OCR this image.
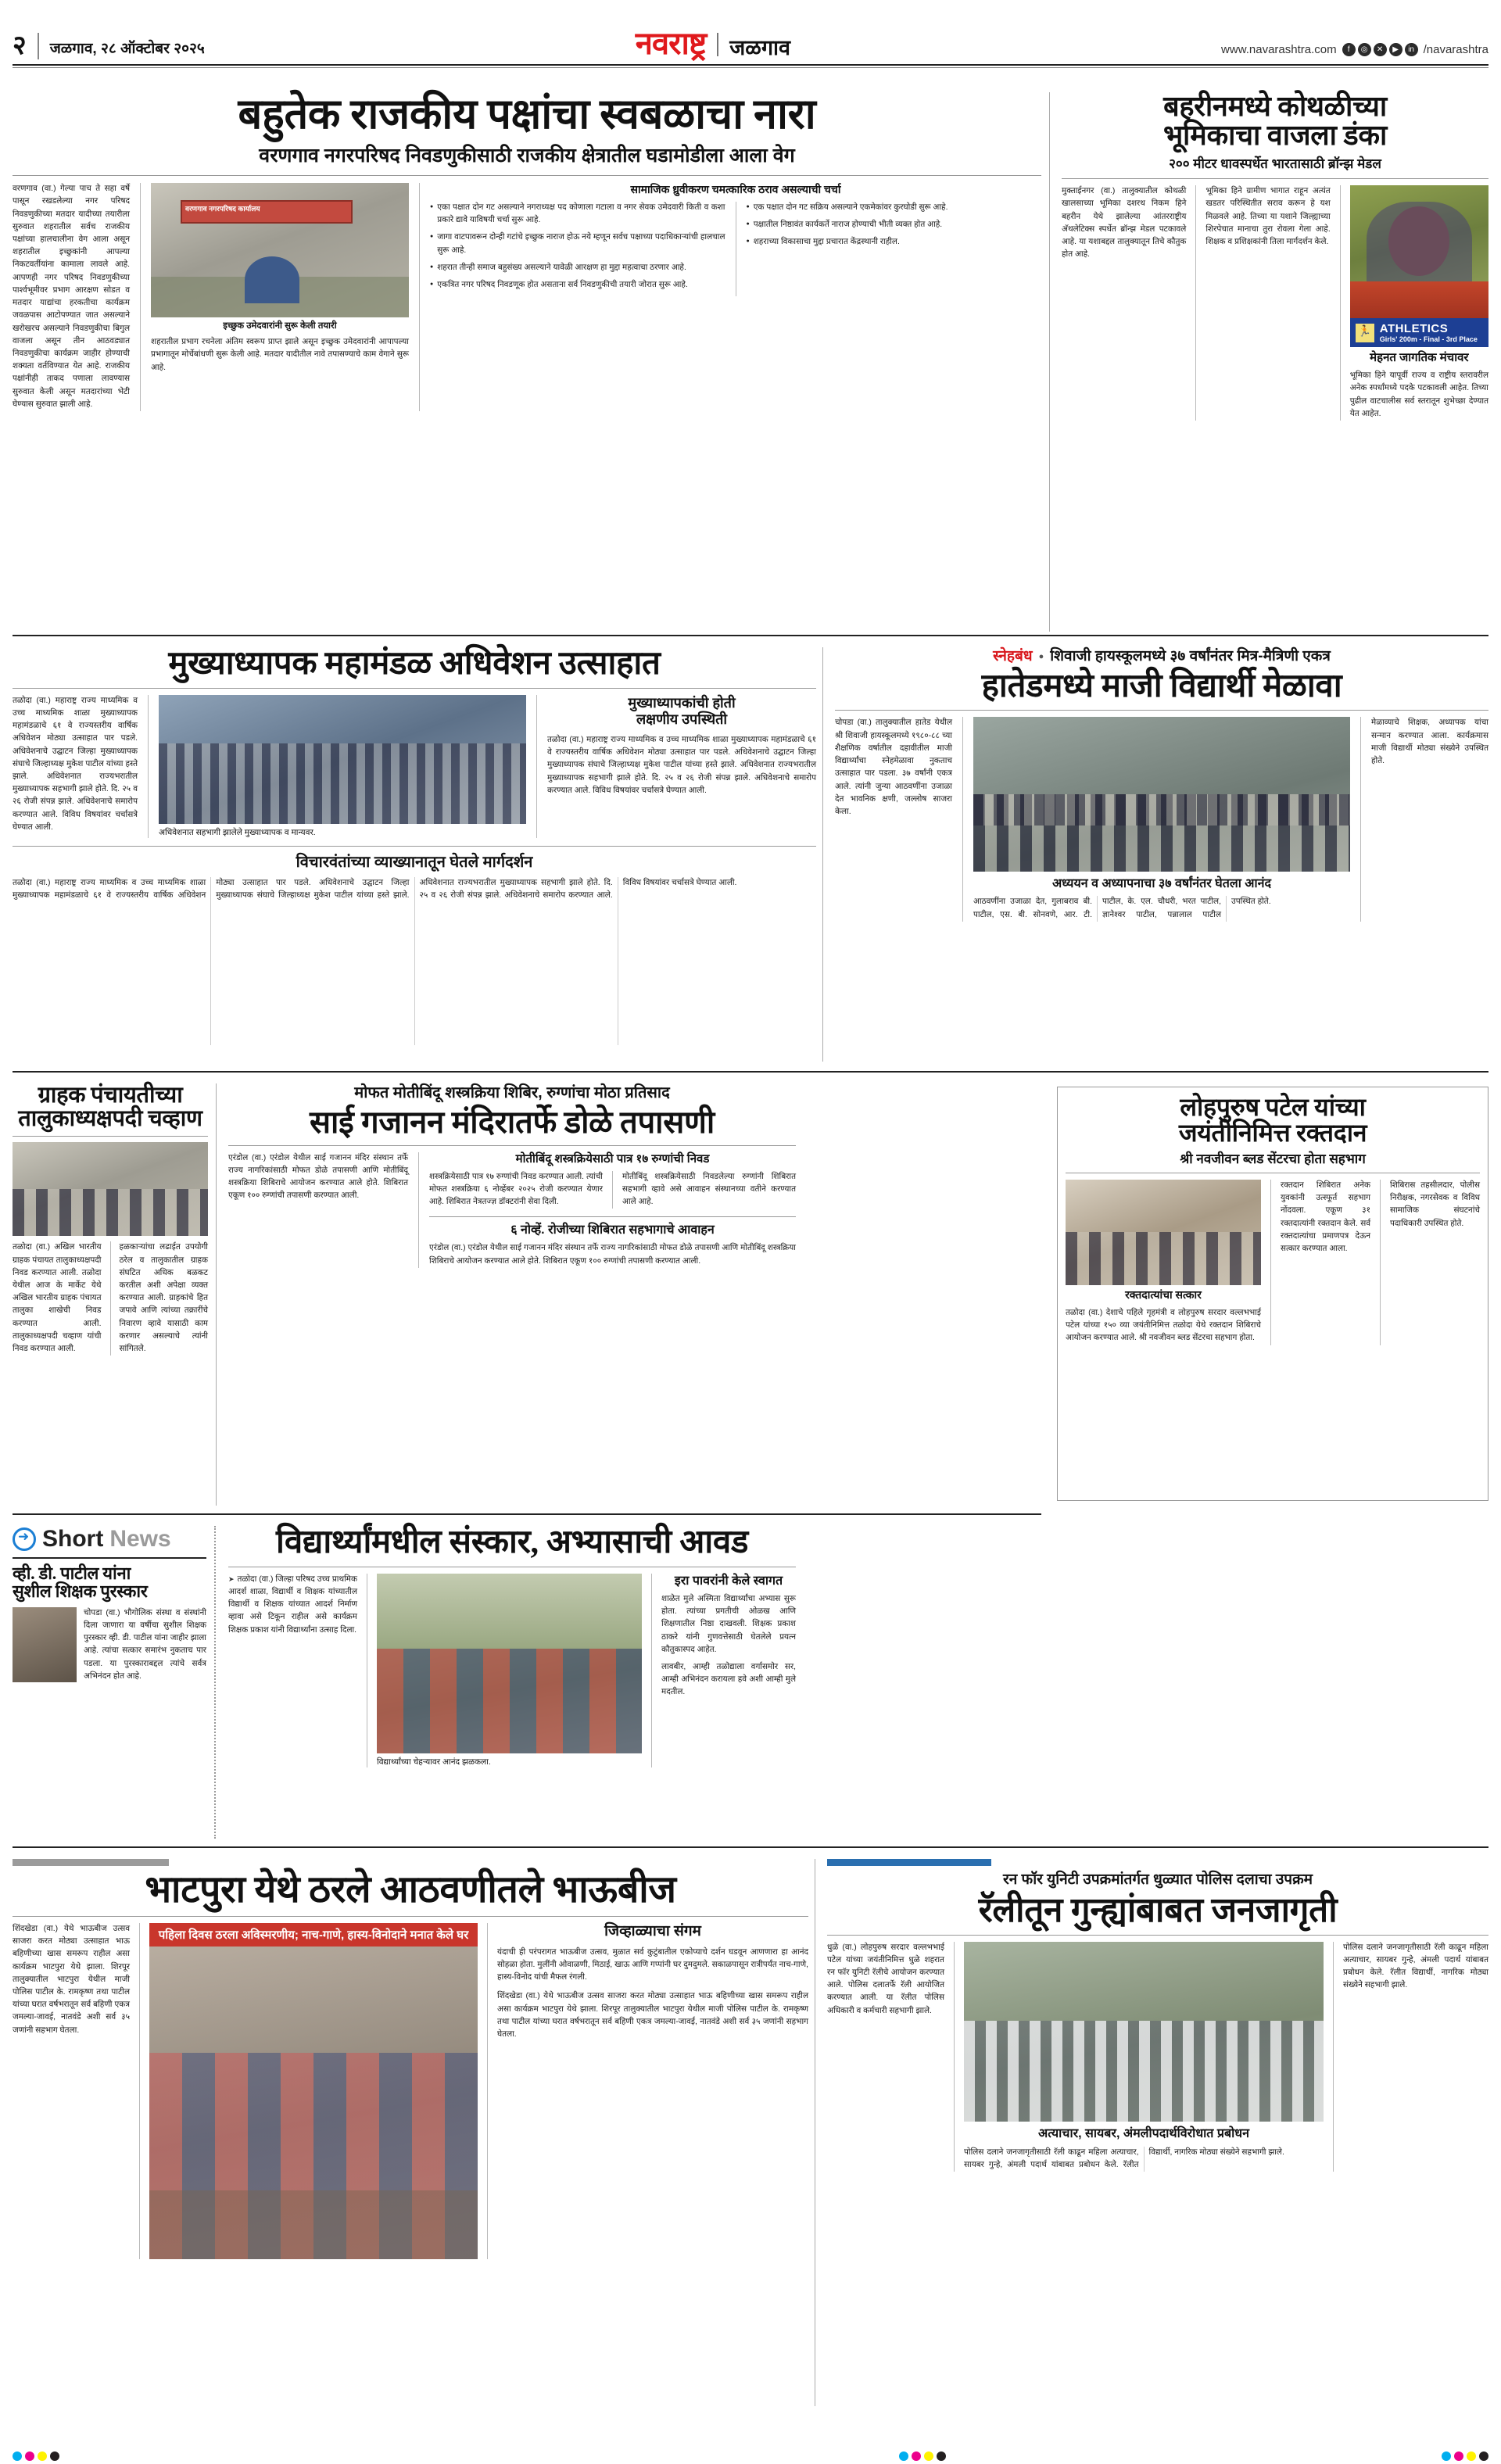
२ जळगाव, २८ ऑक्टोबर २०२५	नवराष्ट्र जळगाव	www.navarashtra.com	f	◎	✕	▶	in /navarashtra
बहुतेक राजकीय पक्षांचा स्वबळाचा नारा
वरणगाव नगरपरिषद निवडणुकीसाठी राजकीय क्षेत्रातील घडामोडीला आला वेग
वरणगाव (वा.) गेल्या पाच ते सहा वर्षे पासून रखडलेल्या नगर परिषद निवडणुकीच्या मतदार यादीच्या तयारीला सुरुवात शहरातील सर्वच राजकीय पक्षांच्या हालचालीना वेग आला असून शहरातील इच्छुकांनी आपल्या निकटवर्तीयांना कामाला लावले आहे. आपणही नगर परिषद निवडणुकीच्या पार्श्वभूमीवर प्रभाग आरक्षण सोडत व मतदार याद्यांचा हरकतीचा कार्यक्रम जवळपास आटोपण्यात जात असल्याने खरोखरच असल्याने निवडणुकीचा बिगुल वाजला असून तीन आठवड्यात निवडणुकीचा कार्यक्रम जाहीर होण्याची शक्यता वर्तविण्यात येत आहे. राजकीय पक्षांनीही ताकद पणाला लावण्यास सुरुवात केली असून मतदारांच्या भेटी घेण्यास सुरुवात झाली आहे.
वरणगाव नगरपरिषद कार्यालय
इच्छुक उमेदवारांनी सुरू केली तयारी
शहरातील प्रभाग रचनेला अंतिम स्वरूप प्राप्त झाले असून इच्छुक उमेदवारांनी आपापल्या प्रभागातून मोर्चेबांधणी सुरू केली आहे. मतदार यादीतील नावे तपासण्याचे काम वेगाने सुरू आहे.
सामाजिक ध्रुवीकरण चमत्कारिक ठराव असल्याची चर्चा
● एका पक्षात दोन गट असल्याने नगराध्यक्ष पद कोणाला गटाला व नगर सेवक उमेदवारी किती व कशा प्रकारे द्यावे याविषयी चर्चा सुरू आहे.
● जागा वाटपावरून दोन्ही गटांचे इच्छुक नाराज होऊ नये म्हणून सर्वच पक्षाच्या पदाधिकाऱ्यांची हालचाल सुरू आहे.
● शहरात तीन्ही समाज बहुसंख्य असल्याने यावेळी आरक्षण हा मुद्दा महत्वाचा ठरणार आहे.
● एकत्रित नगर परिषद निवडणूक होत असताना सर्व निवडणुकीची तयारी जोरात सुरू आहे.
● एक पक्षात दोन गट सक्रिय असल्याने एकमेकांवर कुरघोडी सुरू आहे.
● पक्षातील निष्ठावंत कार्यकर्ते नाराज होण्याची भीती व्यक्त होत आहे.
● शहराच्या विकासाचा मुद्दा प्रचारात केंद्रस्थानी राहील.
बहरीनमध्ये कोथळीच्या
भूमिकाचा वाजला डंका
२०० मीटर धावस्पर्धेत भारतासाठी ब्रॉन्झ मेडल
मुक्ताईनगर (वा.) तालुक्यातील कोथळी खालसाच्या भूमिका दशरथ निकम हिने बहरीन येथे झालेल्या आंतरराष्ट्रीय अ‍ॅथलेटिक्स स्पर्धेत ब्रॉन्झ मेडल पटकावले आहे. या यशाबद्दल तालुक्यातून तिचे कौतुक होत आहे.
भूमिका हिने ग्रामीण भागात राहून अत्यंत खडतर परिस्थितीत सराव करून हे यश मिळवले आहे. तिच्या या यशाने जिल्ह्याच्या शिरपेचात मानाचा तुरा रोवला गेला आहे. शिक्षक व प्रशिक्षकांनी तिला मार्गदर्शन केले.
🏃
ATHLETICS
Girls' 200m - Final - 3rd Place
मेहनत जागतिक मंचावर
भूमिका हिने यापूर्वी राज्य व राष्ट्रीय स्तरावरील अनेक स्पर्धांमध्ये पदके पटकावली आहेत. तिच्या पुढील वाटचालीस सर्व स्तरातून शुभेच्छा देण्यात येत आहेत.
मुख्याध्यापक महामंडळ अधिवेशन उत्साहात
तळोदा (वा.) महाराष्ट्र राज्य माध्यमिक व उच्च माध्यमिक शाळा मुख्याध्यापक महामंडळाचे ६१ वे राज्यस्तरीय वार्षिक अधिवेशन मोठ्या उत्साहात पार पडले. अधिवेशनाचे उद्घाटन जिल्हा मुख्याध्यापक संघाचे जिल्हाध्यक्ष मुकेश पाटील यांच्या हस्ते झाले. अधिवेशनात राज्यभरातील मुख्याध्यापक सहभागी झाले होते. दि. २५ व २६ रोजी संपन्न झाले. अधिवेशनाचे समारोप करण्यात आले. विविध विषयांवर चर्चासत्रे घेण्यात आली.
अधिवेशनात सहभागी झालेले मुख्याध्यापक व मान्यवर.
मुख्याध्यापकांची होती
लक्षणीय उपस्थिती
तळोदा (वा.) महाराष्ट्र राज्य माध्यमिक व उच्च माध्यमिक शाळा मुख्याध्यापक महामंडळाचे ६१ वे राज्यस्तरीय वार्षिक अधिवेशन मोठ्या उत्साहात पार पडले. अधिवेशनाचे उद्घाटन जिल्हा मुख्याध्यापक संघाचे जिल्हाध्यक्ष मुकेश पाटील यांच्या हस्ते झाले. अधिवेशनात राज्यभरातील मुख्याध्यापक सहभागी झाले होते. दि. २५ व २६ रोजी संपन्न झाले. अधिवेशनाचे समारोप करण्यात आले. विविध विषयांवर चर्चासत्रे घेण्यात आली.
विचारवंतांच्या व्याख्यानातून घेतले मार्गदर्शन
तळोदा (वा.) महाराष्ट्र राज्य माध्यमिक व उच्च माध्यमिक शाळा मुख्याध्यापक महामंडळाचे ६१ वे राज्यस्तरीय वार्षिक अधिवेशन मोठ्या उत्साहात पार पडले. अधिवेशनाचे उद्घाटन जिल्हा मुख्याध्यापक संघाचे जिल्हाध्यक्ष मुकेश पाटील यांच्या हस्ते झाले. अधिवेशनात राज्यभरातील मुख्याध्यापक सहभागी झाले होते. दि. २५ व २६ रोजी संपन्न झाले. अधिवेशनाचे समारोप करण्यात आले. विविध विषयांवर चर्चासत्रे घेण्यात आली.
स्नेहबंध ● शिवाजी हायस्कूलमध्ये ३७ वर्षांनंतर मित्र-मैत्रिणी एकत्र
हातेडमध्ये माजी विद्यार्थी मेळावा
चोपडा (वा.) तालुक्यातील हातेड येथील श्री शिवाजी हायस्कूलमध्ये १९८०-८८ च्या शैक्षणिक वर्षातील दहावीतील माजी विद्यार्थ्यांचा स्नेहमेळावा नुकताच उत्साहात पार पडला. ३७ वर्षांनी एकत्र आले. त्यांनी जुन्या आठवणींना उजाळा देत भावनिक क्षणी, जल्लोष साजरा केला.
अध्ययन व अध्यापनाचा ३७ वर्षांनंतर घेतला आनंद
आठवणींना उजाळा देत, गुलाबराव बी. पाटील, एस. बी. सोनवणे, आर. टी. पाटील, के. एल. चौधरी, भरत पाटील, ज्ञानेश्वर पाटील, पन्नालाल पाटील उपस्थित होते.
मेळाव्याचे शिक्षक, अध्यापक यांचा सन्मान करण्यात आला. कार्यक्रमास माजी विद्यार्थी मोठ्या संख्येने उपस्थित होते.
ग्राहक पंचायतीच्या
तालुकाध्यक्षपदी चव्हाण
तळोदा (वा.) अखिल भारतीय ग्राहक पंचायत तालुकाध्यक्षपदी निवड करण्यात आली. तळोदा येथील आज के मार्केट येथे अखिल भारतीय ग्राहक पंचायत तालुका शाखेची निवड करण्यात आली. तालुकाध्यक्षपदी चव्हाण यांची निवड करण्यात आली.
हळकाऱ्यांचा लढाईत उपयोगी ठरेल व तालुकातील ग्राहक संघटित अधिक बळकट करतील अशी अपेक्षा व्यक्त करण्यात आली. ग्राहकांचे हित जपावे आणि त्यांच्या तक्रारींचे निवारण व्हावे यासाठी काम करणार असल्याचे त्यांनी सांगितले.
मोफत मोतीबिंदू शस्त्रक्रिया शिबिर, रुग्णांचा मोठा प्रतिसाद
साई गजानन मंदिरातर्फे डोळे तपासणी
एरंडोल (वा.) एरंडोल येथील साई गजानन मंदिर संस्थान तर्फे राज्य नागरिकांसाठी मोफत डोळे तपासणी आणि मोतीबिंदू शस्त्रक्रिया शिबिराचे आयोजन करण्यात आले होते. शिबिरात एकूण १०० रुग्णांची तपासणी करण्यात आली.
मोतीबिंदू शस्त्रक्रियेसाठी पात्र १७ रुग्णांची निवड
शस्त्रक्रियेसाठी पात्र १७ रुग्णांची निवड करण्यात आली. त्यांची मोफत शस्त्रक्रिया ६ नोव्हेंबर २०२५ रोजी करण्यात येणार आहे. शिबिरात नेत्रतज्ज्ञ डॉक्टरांनी सेवा दिली.
मोतीबिंदू शस्त्रक्रियेसाठी निवडलेल्या रुग्णांनी शिबिरात सहभागी व्हावे असे आवाहन संस्थानच्या वतीने करण्यात आले आहे.
६ नोव्हें. रोजीच्या शिबिरात सहभागाचे आवाहन
एरंडोल (वा.) एरंडोल येथील साई गजानन मंदिर संस्थान तर्फे राज्य नागरिकांसाठी मोफत डोळे तपासणी आणि मोतीबिंदू शस्त्रक्रिया शिबिराचे आयोजन करण्यात आले होते. शिबिरात एकूण १०० रुग्णांची तपासणी करण्यात आली.
लोहपुरुष पटेल यांच्या
जयंतीनिमित्त रक्तदान
श्री नवजीवन ब्लड सेंटरचा होता सहभाग
रक्तदात्यांचा सत्कार
तळोदा (वा.) देशाचे पहिले गृहमंत्री व लोहपुरुष सरदार वल्लभभाई पटेल यांच्या १५० व्या जयंतीनिमित्त तळोदा येथे रक्तदान शिबिराचे आयोजन करण्यात आले. श्री नवजीवन ब्लड सेंटरचा सहभाग होता.
रक्तदान शिबिरात अनेक युवकांनी उत्स्फूर्त सहभाग नोंदवला. एकूण ३१ रक्तदात्यांनी रक्तदान केले. सर्व रक्तदात्यांचा प्रमाणपत्र देऊन सत्कार करण्यात आला.
शिबिरास तहसीलदार, पोलीस निरीक्षक, नगरसेवक व विविध सामाजिक संघटनांचे पदाधिकारी उपस्थित होते.
➜
Short News
व्ही. डी. पाटील यांना
सुशील शिक्षक पुरस्कार
चोपडा (वा.) भौगोलिक संस्था व संस्थांनी दिला जाणारा या वर्षीचा सुशील शिक्षक पुरस्कार व्ही. डी. पाटील यांना जाहीर झाला आहे. त्यांचा सत्कार समारंभ नुकताच पार पडला. या पुरस्काराबद्दल त्यांचे सर्वत्र अभिनंदन होत आहे.
विद्यार्थ्यांमधील संस्कार, अभ्यासाची आवड
➤ तळोदा (वा.) जिल्हा परिषद उच्च प्राथमिक आदर्श शाळा, विद्यार्थी व शिक्षक यांच्यातील विद्यार्थी व शिक्षक यांच्यात आदर्श निर्माण व्हावा असे टिकून राहील असे कार्यक्रम शिक्षक प्रकाश यांनी विद्यार्थ्यांना उत्साह दिला.
विद्यार्थ्यांच्या चेहऱ्यावर आनंद झळकला.
इरा पावरांनी केले स्वागत
शाळेत मुले अस्मिता विद्यार्थ्यांचा अभ्यास सुरू होता. त्यांच्या प्रगतीची ओळख आणि शिक्षणातील निष्ठा दाखवली. शिक्षक प्रकाश ठाकरे यांनी गुणवत्तेसाठी घेतलेले प्रयत्न कौतुकास्पद आहेत.
लावबीर, आम्ही तळोद्याला वर्गासमोर सर, आम्ही अभिनंदन करायला हवे अशी आम्ही मुले मदतील.
भाटपुरा येथे ठरले आठवणीतले भाऊबीज
शिंदखेडा (वा.) येथे भाऊबीज उत्सव साजरा करत मोठ्या उत्साहात भाऊ बहिणीच्या खास समरूप राहील असा कार्यक्रम भाटपुरा येथे झाला. शिरपूर तालुक्यातील भाटपुरा येथील माजी पोलिस पाटील के. रामकृष्ण तथा पाटील यांच्या घरात वर्षभरातून सर्व बहिणी एकत्र जमल्या-जावई, नातवंडे अशी सर्व ३५ जणांनी सहभाग घेतला.
पहिला दिवस ठरला अविस्मरणीय; नाच-गाणे, हास्य-विनोदाने मनात केले घर	जिव्हाळ्याचा संगम
यंदाची ही परंपरागत भाऊबीज उत्सव, मुळात सर्व कुटुंबातील एकोप्याचे दर्शन घडवून आणणारा हा आनंद सोहळा होता. मुलींनी ओवाळणी, मिठाई, खाऊ आणि गप्पांनी घर दुमदुमले. सकाळपासून रात्रीपर्यंत नाच-गाणे, हास्य-विनोद यांची मैफल रंगली.
शिंदखेडा (वा.) येथे भाऊबीज उत्सव साजरा करत मोठ्या उत्साहात भाऊ बहिणीच्या खास समरूप राहील असा कार्यक्रम भाटपुरा येथे झाला. शिरपूर तालुक्यातील भाटपुरा येथील माजी पोलिस पाटील के. रामकृष्ण तथा पाटील यांच्या घरात वर्षभरातून सर्व बहिणी एकत्र जमल्या-जावई, नातवंडे अशी सर्व ३५ जणांनी सहभाग घेतला.
रन फॉर युनिटी उपक्रमांतर्गत धुळ्यात पोलिस दलाचा उपक्रम
रॅलीतून गुन्ह्यांबाबत जनजागृती
धुळे (वा.) लोहपुरुष सरदार वल्लभभाई पटेल यांच्या जयंतीनिमित्त धुळे शहरात रन फॉर युनिटी रॅलीचे आयोजन करण्यात आले. पोलिस दलातर्फे रॅली आयोजित करण्यात आली. या रॅलीत पोलिस अधिकारी व कर्मचारी सहभागी झाले.
अत्याचार, सायबर, अंमलीपदार्थविरोधात प्रबोधन
पोलिस दलाने जनजागृतीसाठी रॅली काढून महिला अत्याचार, सायबर गुन्हे, अंमली पदार्थ यांबाबत प्रबोधन केले. रॅलीत विद्यार्थी, नागरिक मोठ्या संख्येने सहभागी झाले.
पोलिस दलाने जनजागृतीसाठी रॅली काढून महिला अत्याचार, सायबर गुन्हे, अंमली पदार्थ यांबाबत प्रबोधन केले. रॅलीत विद्यार्थी, नागरिक मोठ्या संख्येने सहभागी झाले.
